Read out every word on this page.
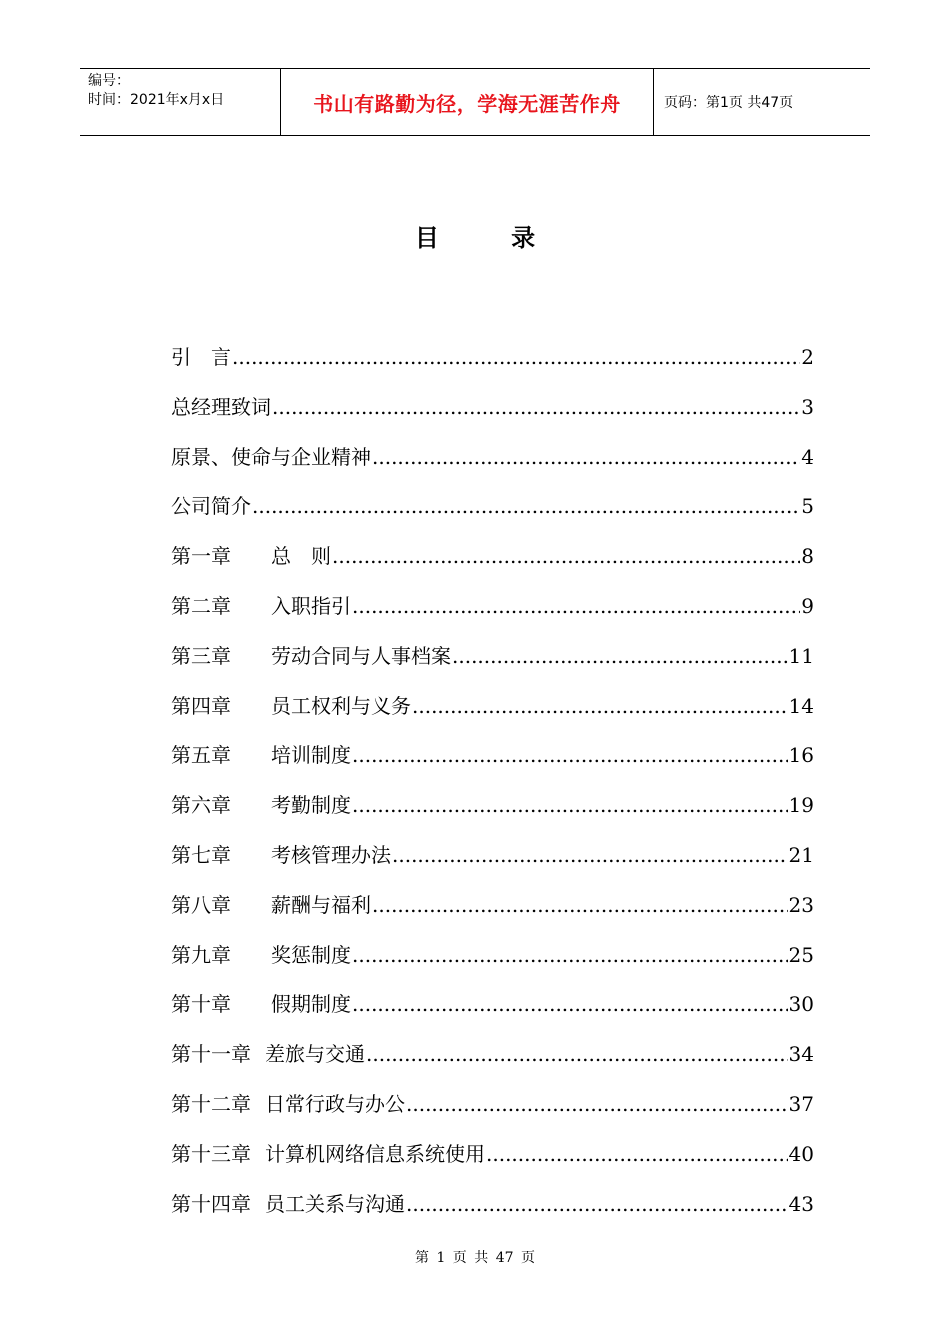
编号：
时间：2021年x月x日	书山有路勤为径，学海无涯苦作舟	页码：第1页 共47页
目 录
引　言 .....	2
总经理致词 .....	3
原景、使命与企业精神 .....	4
公司简介 .....	5
第一章	总　则 .....	8
第二章	入职指引 .....	9
第三章	劳动合同与人事档案 .....	11
第四章	员工权利与义务 .....	14
第五章	培训制度 .....	16
第六章	考勤制度 .....	19
第七章	考核管理办法 .....	21
第八章	薪酬与福利 .....	23
第九章	奖惩制度 .....	25
第十章	假期制度 .....	30
第十一章 差旅与交通 .....	34
第十二章 日常行政与办公 .....	37
第十三章 计算机网络信息系统使用 .....	40
第十四章 员工关系与沟通 .....	43
第 1 页 共 47 页
